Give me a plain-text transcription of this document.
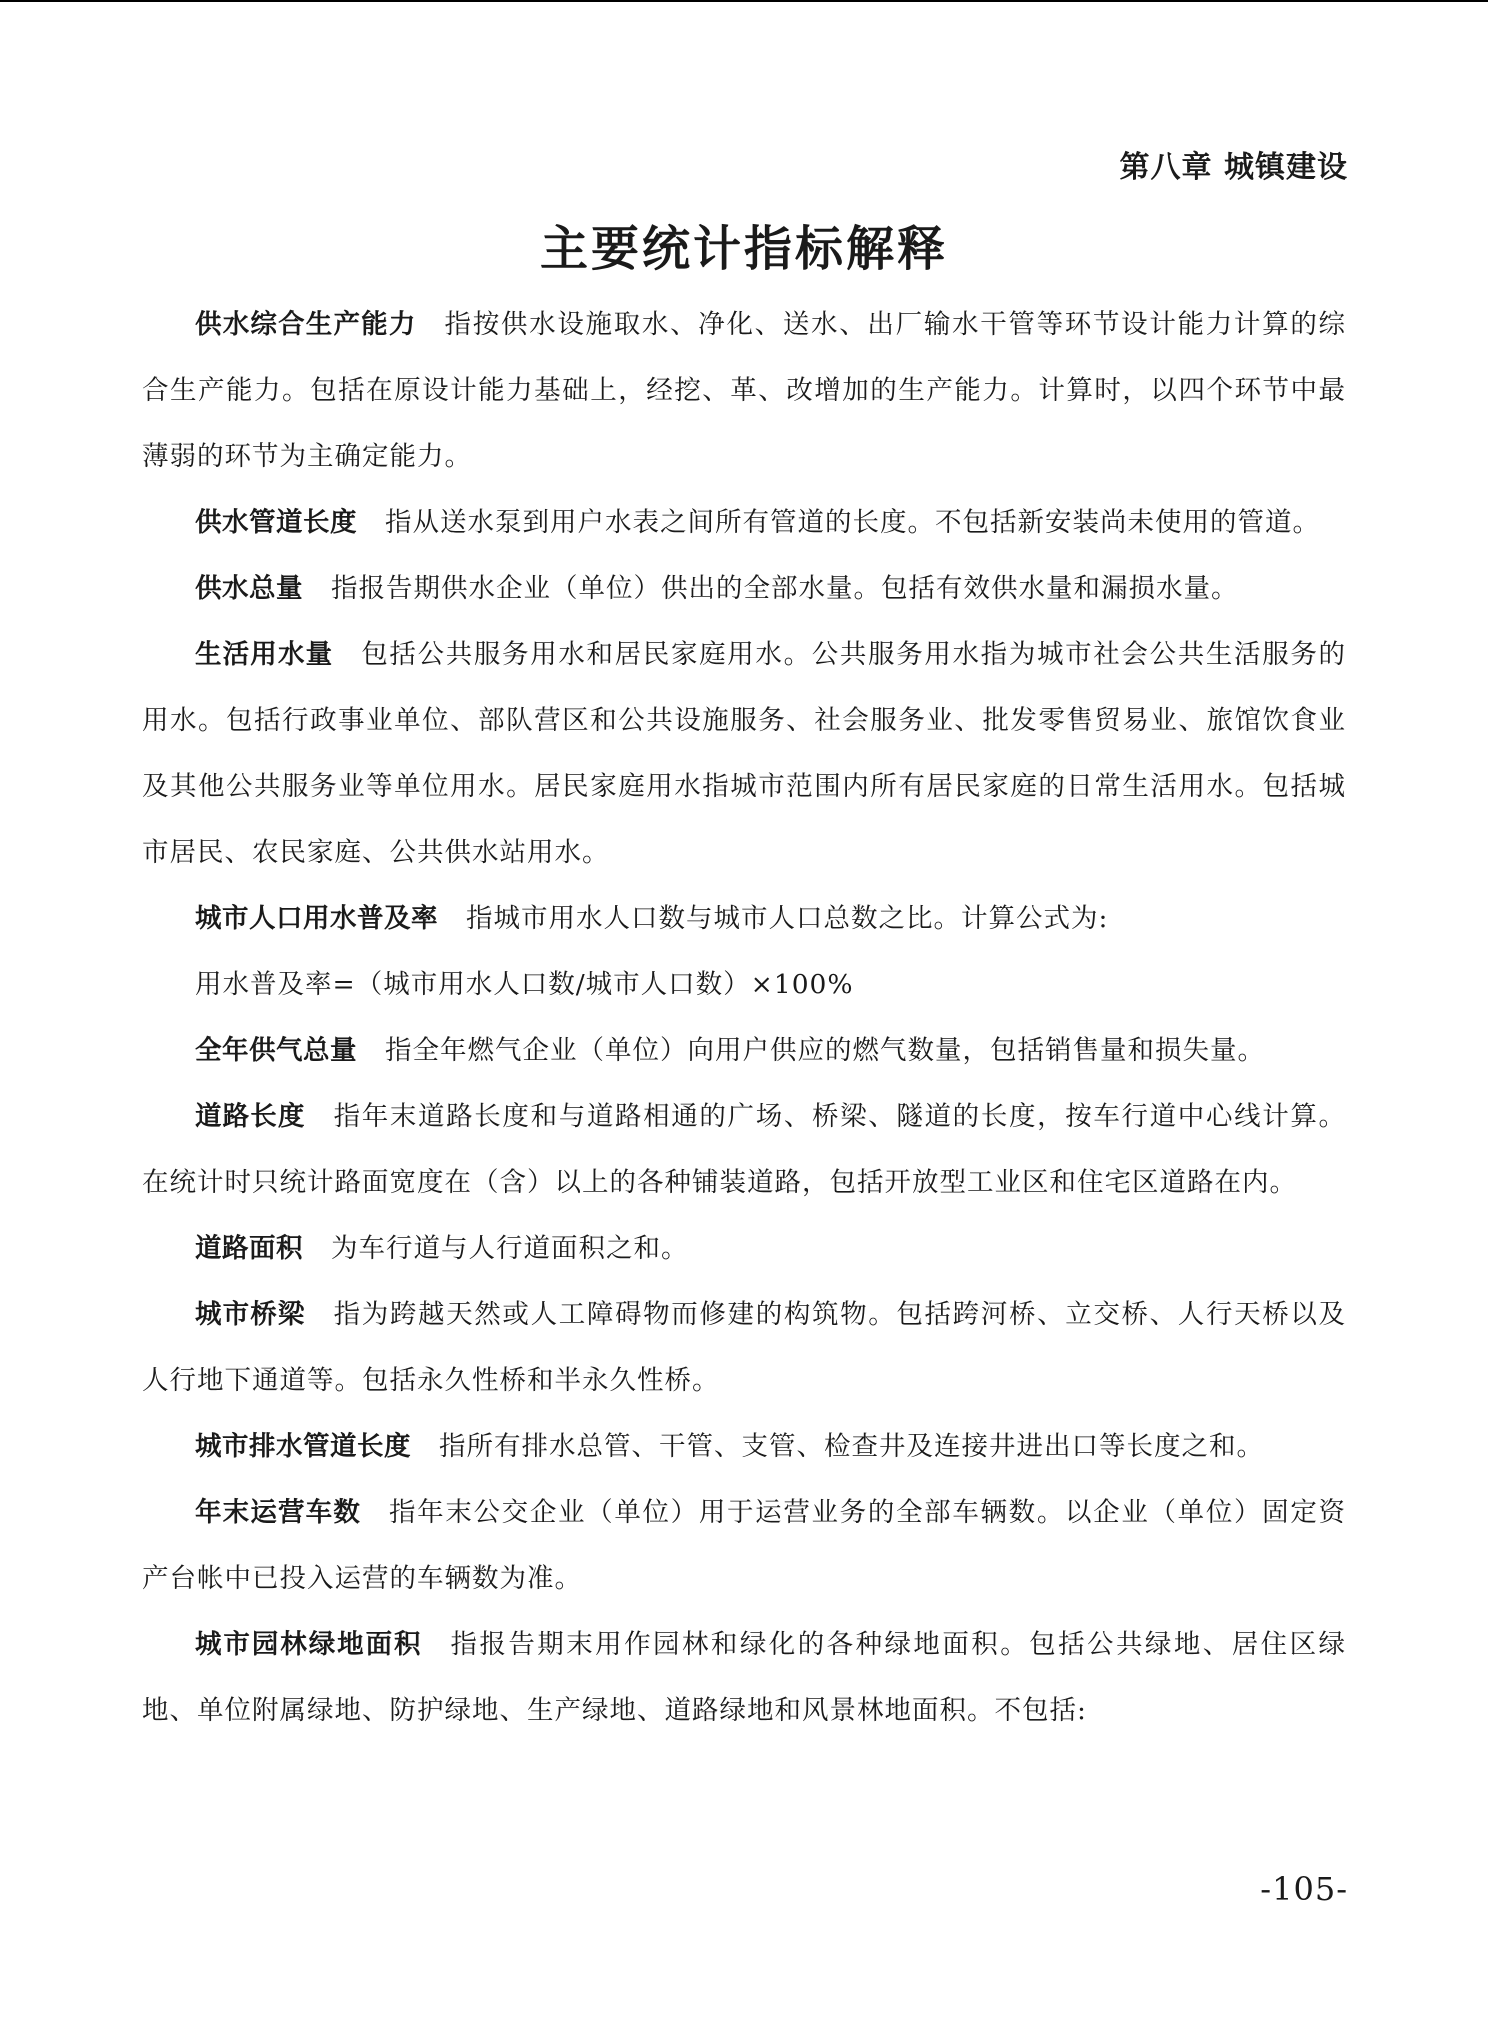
第八章 城镇建设
主要统计指标解释

供水综合生产能力 指按供水设施取水、净化、送水、出厂输水干管等环节设计能力计算的综合生产能力。包括在原设计能力基础上，经挖、革、改增加的生产能力。计算时，以四个环节中最薄弱的环节为主确定能力。

供水管道长度 指从送水泵到用户水表之间所有管道的长度。不包括新安装尚未使用的管道。

供水总量 指报告期供水企业（单位）供出的全部水量。包括有效供水量和漏损水量。

生活用水量 包括公共服务用水和居民家庭用水。公共服务用水指为城市社会公共生活服务的用水。包括行政事业单位、部队营区和公共设施服务、社会服务业、批发零售贸易业、旅馆饮食业及其他公共服务业等单位用水。居民家庭用水指城市范围内所有居民家庭的日常生活用水。包括城市居民、农民家庭、公共供水站用水。

城市人口用水普及率 指城市用水人口数与城市人口总数之比。计算公式为:

用水普及率=（城市用水人口数/城市人口数）×100%

全年供气总量 指全年燃气企业（单位）向用户供应的燃气数量，包括销售量和损失量。

道路长度 指年末道路长度和与道路相通的广场、桥梁、隧道的长度，按车行道中心线计算。在统计时只统计路面宽度在（含）以上的各种铺装道路，包括开放型工业区和住宅区道路在内。

道路面积 为车行道与人行道面积之和。

城市桥梁 指为跨越天然或人工障碍物而修建的构筑物。包括跨河桥、立交桥、人行天桥以及人行地下通道等。包括永久性桥和半永久性桥。

城市排水管道长度 指所有排水总管、干管、支管、检查井及连接井进出口等长度之和。

年末运营车数 指年末公交企业（单位）用于运营业务的全部车辆数。以企业（单位）固定资产台帐中已投入运营的车辆数为准。

城市园林绿地面积 指报告期末用作园林和绿化的各种绿地面积。包括公共绿地、居住区绿地、单位附属绿地、防护绿地、生产绿地、道路绿地和风景林地面积。不包括:

-105-
